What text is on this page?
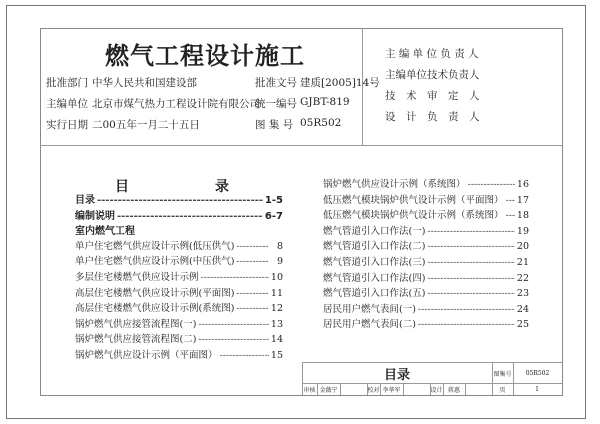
燃气工程设计施工
批准部门 中华人民共和国建设部
主编单位 北京市煤气热力工程设计院有限公司
实行日期 二00五年一月二十五日
批准文号 建质[2005]14号
统一编号 GJBT-819
图 集 号 05R502
主 编 单 位 负 责 人
主编单位技术负责人
技　术　审　定　人
设　计　负　责　人
目	录
目录 -----	1-5
编制说明 -----	6-7
室内燃气工程
单户住宅燃气供应设计示例(低压供气) -----	8
单户住宅燃气供应设计示例(中压供气) -----	9
多层住宅楼燃气供应设计示例 -----	10
高层住宅楼燃气供应设计示例(平面图) -----	11
高层住宅楼燃气供应设计示例(系统图) -----	12
锅炉燃气供应接管流程图(一) -----	13
锅炉燃气供应接管流程图(二) -----	14
锅炉燃气供应设计示例（平面图） -----	15
锅炉燃气供应设计示例（系统图） -----	16
低压燃气模块锅炉供气设计示例（平面图） ----- 17
低压燃气模块锅炉供气设计示例（系统图） ----- 18
燃气管道引入口作法(一) -----	19
燃气管道引入口作法(二) -----	20
燃气管道引入口作法(三) -----	21
燃气管道引入口作法(四) -----	22
燃气管道引入口作法(五) -----	23
居民用户燃气表间(一) -----	24
居民用户燃气表间(二) -----	25
目录	图集号	05R502
审核 金薇宁	校对 李华军	设计 蒋惠	页	1
